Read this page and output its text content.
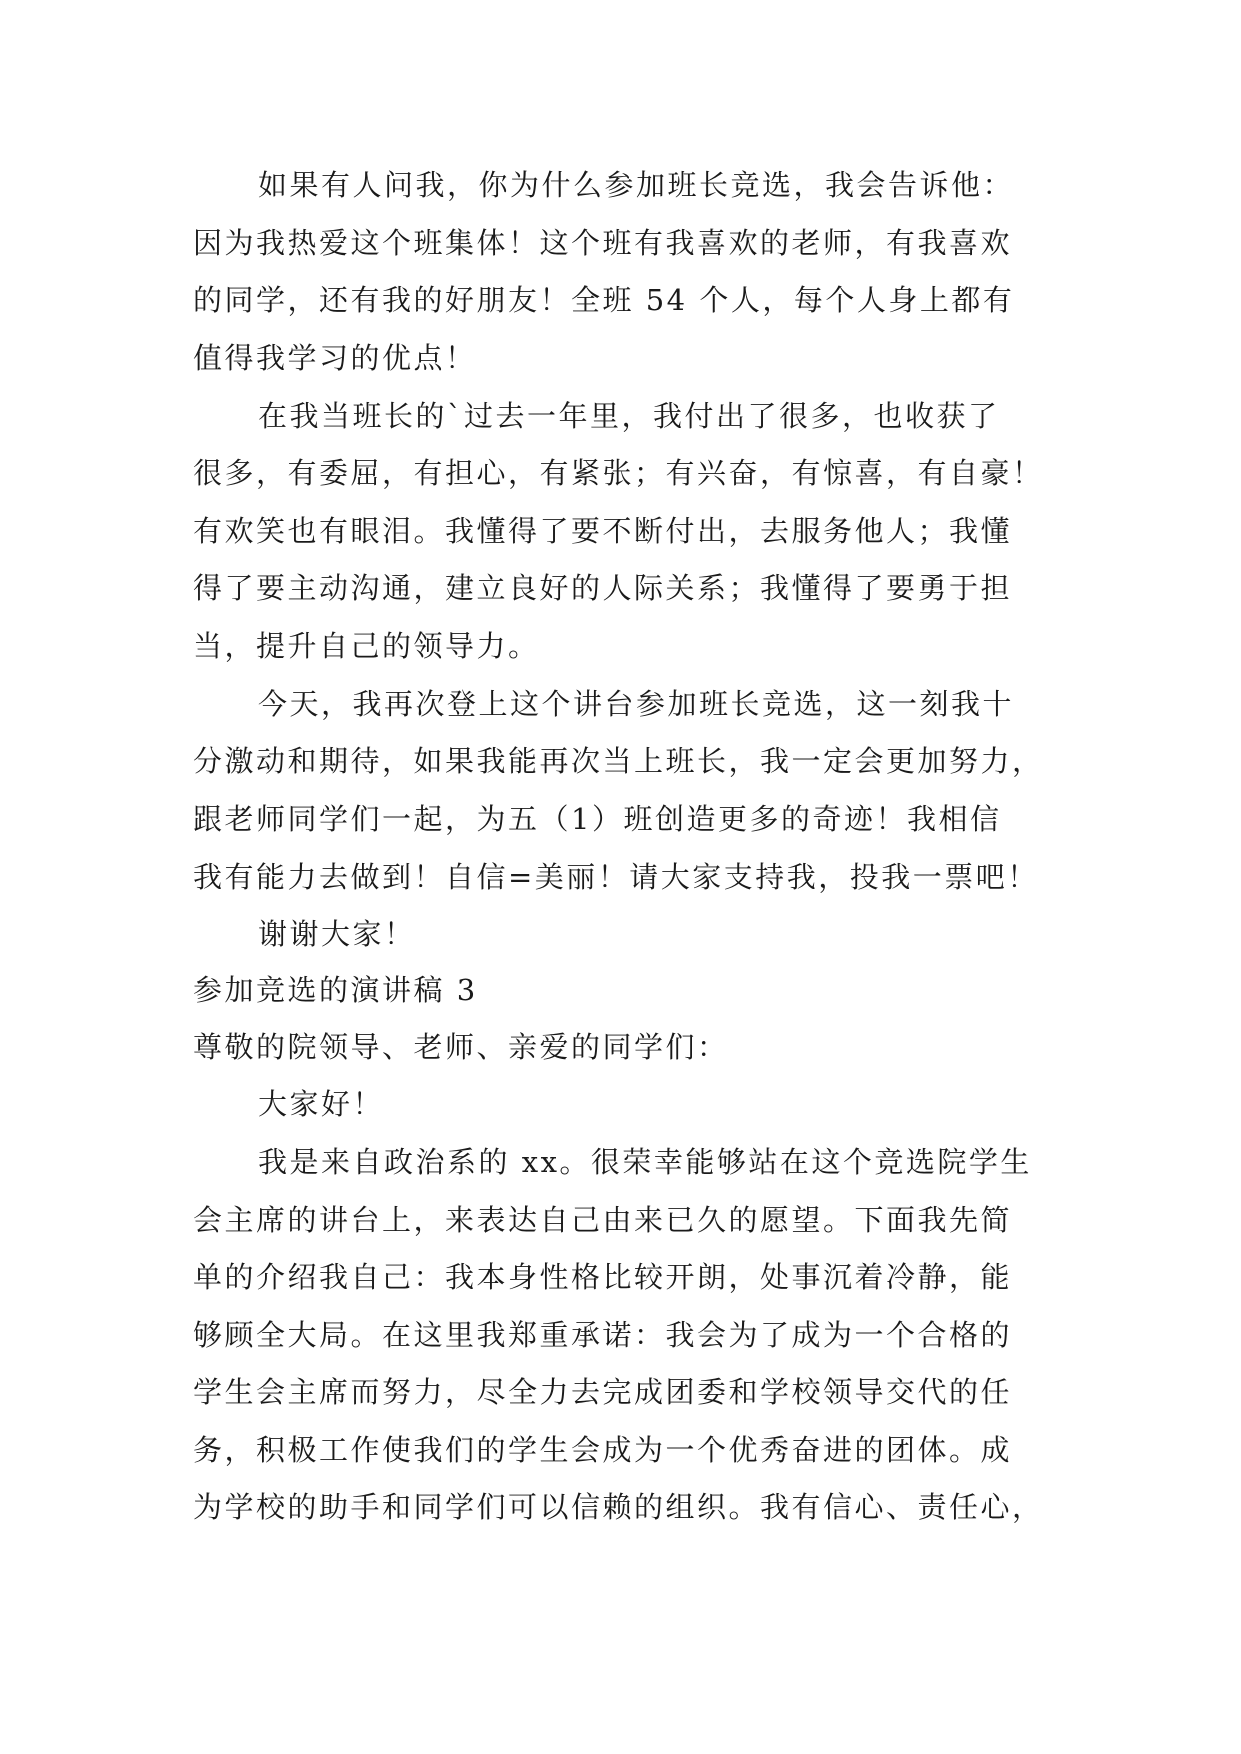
如果有人问我，你为什么参加班长竞选，我会告诉他：
因为我热爱这个班集体！这个班有我喜欢的老师，有我喜欢
的同学，还有我的好朋友！全班 54 个人，每个人身上都有
值得我学习的优点！
在我当班长的`过去一年里，我付出了很多，也收获了
很多，有委屈，有担心，有紧张；有兴奋，有惊喜，有自豪！
有欢笑也有眼泪。我懂得了要不断付出，去服务他人；我懂
得了要主动沟通，建立良好的人际关系；我懂得了要勇于担
当，提升自己的领导力。
今天，我再次登上这个讲台参加班长竞选，这一刻我十
分激动和期待，如果我能再次当上班长，我一定会更加努力，
跟老师同学们一起，为五（1）班创造更多的奇迹！我相信
我有能力去做到！自信=美丽！请大家支持我，投我一票吧！
谢谢大家！
参加竞选的演讲稿 3
尊敬的院领导、老师、亲爱的同学们：
大家好！
我是来自政治系的 xx。很荣幸能够站在这个竞选院学生
会主席的讲台上，来表达自己由来已久的愿望。下面我先简
单的介绍我自己：我本身性格比较开朗，处事沉着冷静，能
够顾全大局。在这里我郑重承诺：我会为了成为一个合格的
学生会主席而努力，尽全力去完成团委和学校领导交代的任
务，积极工作使我们的学生会成为一个优秀奋进的团体。成
为学校的助手和同学们可以信赖的组织。我有信心、责任心，
